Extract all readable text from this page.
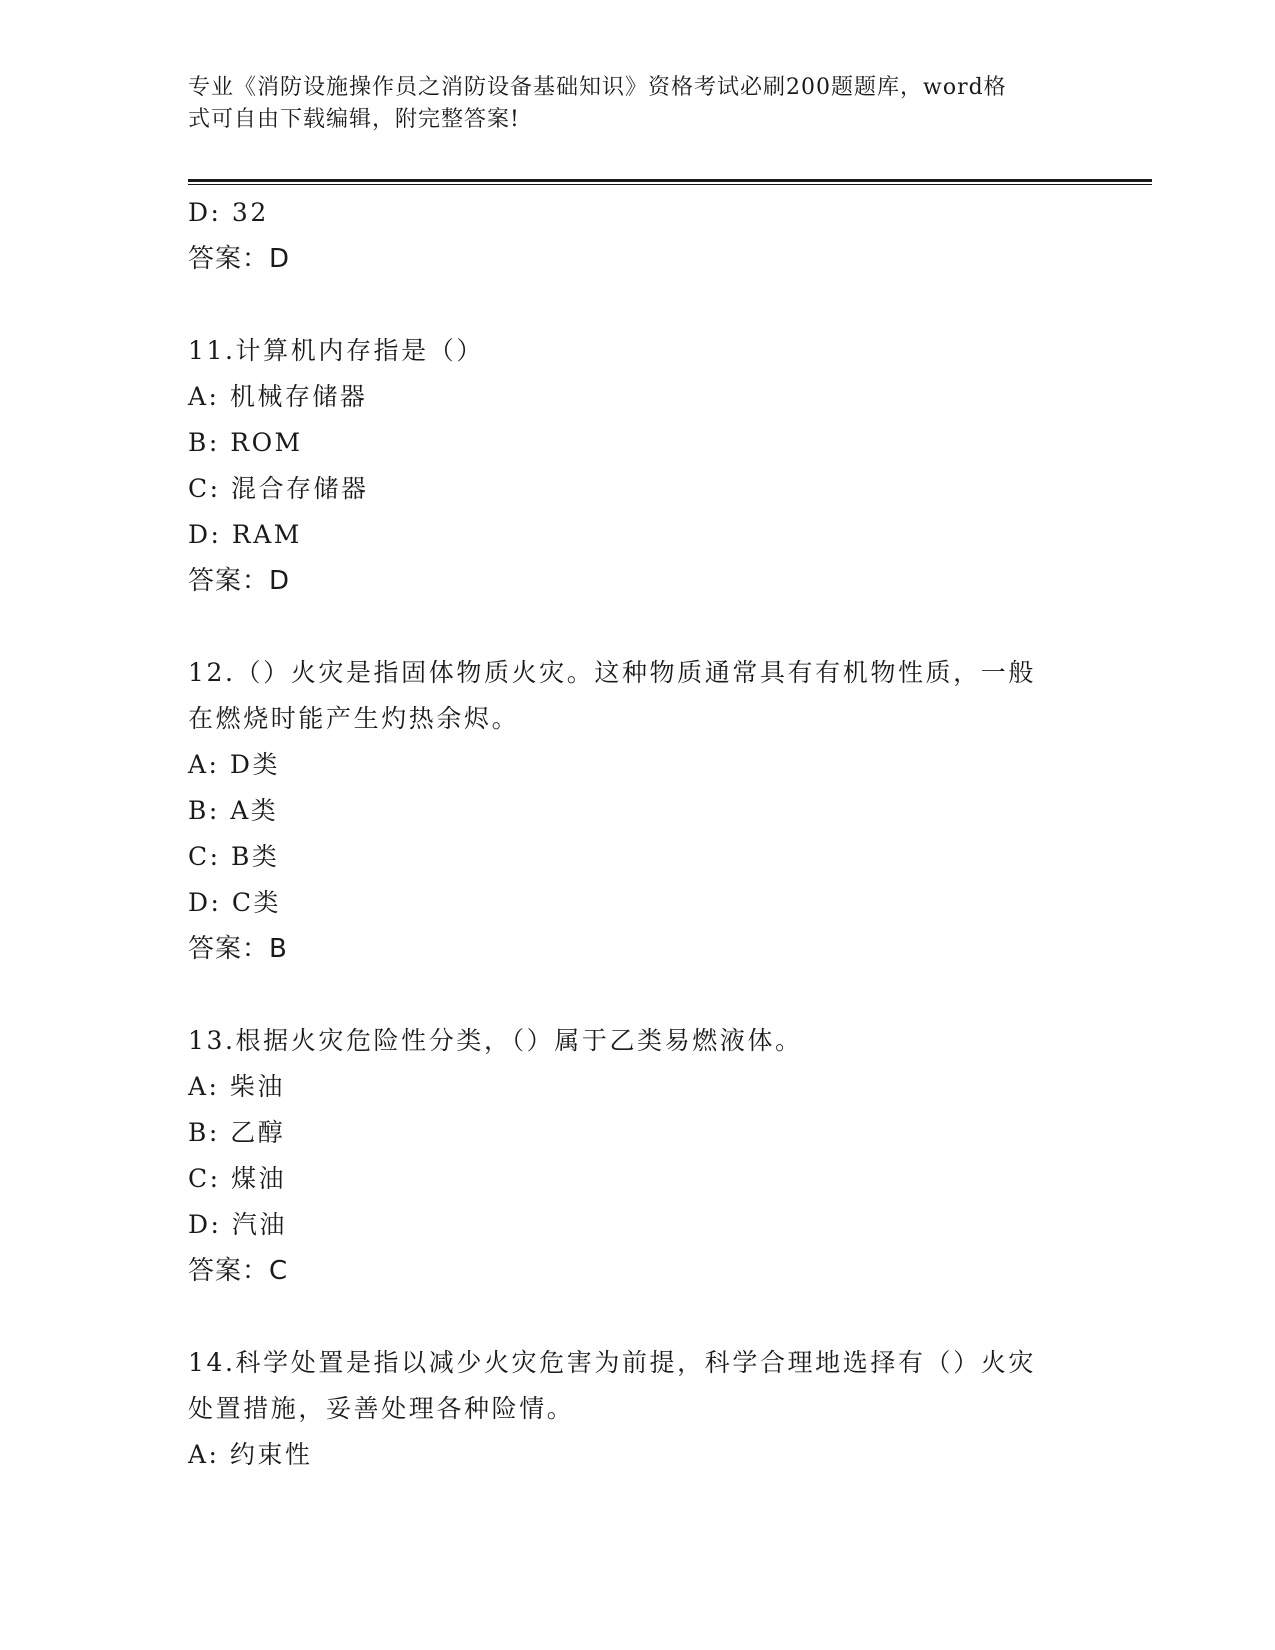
专业《消防设施操作员之消防设备基础知识》资格考试必刷200题题库，word格
式可自由下载编辑，附完整答案!
D: 32
答案：D
11.计算机内存指是（）
A: 机械存储器
B: ROM
C: 混合存储器
D: RAM
答案：D
12.（）火灾是指固体物质火灾。这种物质通常具有有机物性质，一般
在燃烧时能产生灼热余烬。
A: D类
B: A类
C: B类
D: C类
答案：B
13.根据火灾危险性分类，（）属于乙类易燃液体。
A: 柴油
B: 乙醇
C: 煤油
D: 汽油
答案：C
14.科学处置是指以减少火灾危害为前提，科学合理地选择有（）火灾
处置措施，妥善处理各种险情。
A: 约束性
